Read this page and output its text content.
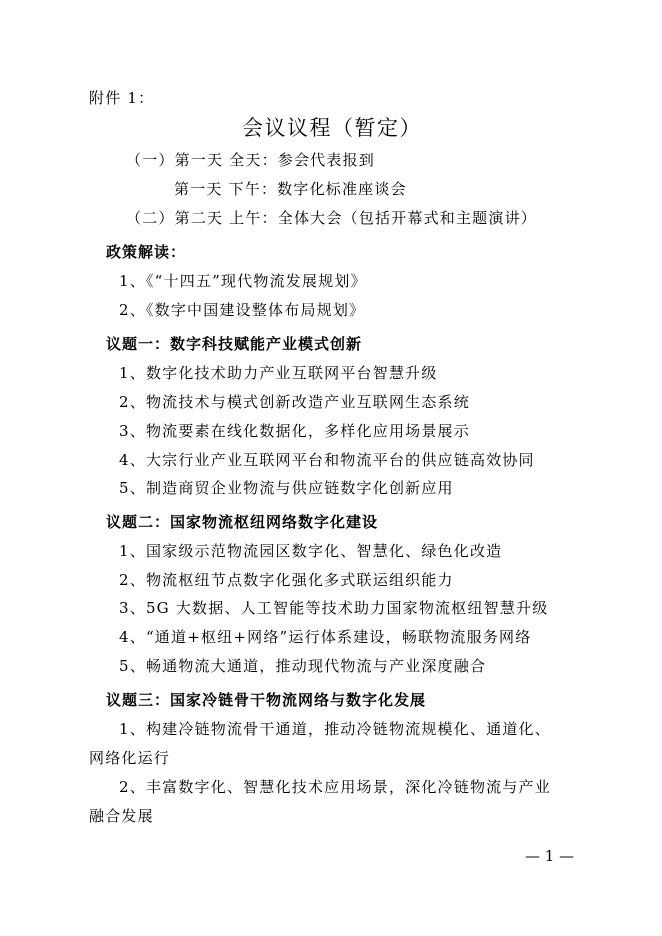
附件 1：
会议议程（暂定）
（一）第一天 全天：参会代表报到
第一天 下午：数字化标准座谈会
（二）第二天 上午：全体大会（包括开幕式和主题演讲）
政策解读：
1、《“十四五”现代物流发展规划》
2、《数字中国建设整体布局规划》
议题一：数字科技赋能产业模式创新
1、数字化技术助力产业互联网平台智慧升级
2、物流技术与模式创新改造产业互联网生态系统
3、物流要素在线化数据化，多样化应用场景展示
4、大宗行业产业互联网平台和物流平台的供应链高效协同
5、制造商贸企业物流与供应链数字化创新应用
议题二：国家物流枢纽网络数字化建设
1、国家级示范物流园区数字化、智慧化、绿色化改造
2、物流枢纽节点数字化强化多式联运组织能力
3、5G 大数据、人工智能等技术助力国家物流枢纽智慧升级
4、“通道+枢纽+网络”运行体系建设，畅联物流服务网络
5、畅通物流大通道，推动现代物流与产业深度融合
议题三：国家冷链骨干物流网络与数字化发展
1、构建冷链物流骨干通道，推动冷链物流规模化、通道化、
网络化运行
2、丰富数字化、智慧化技术应用场景，深化冷链物流与产业
融合发展
— 1 —
